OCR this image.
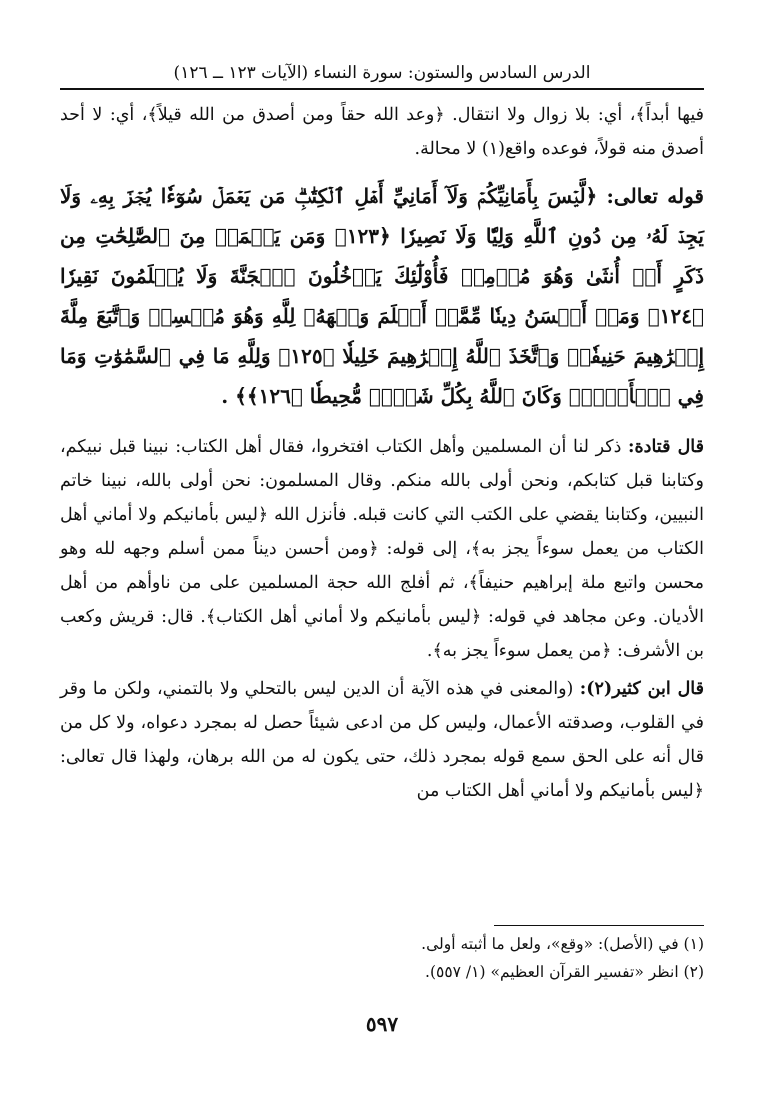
الدرس السادس والستون: سورة النساء (الآيات ١٢٣ ــ ١٢٦)

فيها أبداً﴾، أي: بلا زوال ولا انتقال. ﴿وعد الله حقاً ومن أصدق من الله قيلاً﴾، أي: لا أحد أصدق منه قولاً، فوعده واقع(١) لا محالة.

قوله تعالى: ﴿لَّيۡسَ بِأَمَانِيِّكُمۡ وَلَآ أَمَانِيِّ أَهۡلِ ٱلۡكِتَٰبِۗ مَن يَعۡمَلۡ سُوٓءٗا يُجۡزَ بِهِۦ وَلَا يَجِدۡ لَهُۥ مِن دُونِ ٱللَّهِ وَلِيّٗا وَلَا نَصِيرٗا ﴿١٢٣﴾ وَمَن يَعۡمَلۡ مِنَ ٱلصَّٰلِحَٰتِ مِن ذَكَرٍ أَوۡ أُنثَىٰ وَهُوَ مُؤۡمِنٞ فَأُوْلَٰٓئِكَ يَدۡخُلُونَ ٱلۡجَنَّةَ وَلَا يُظۡلَمُونَ نَقِيرٗا ﴿١٢٤﴾ وَمَنۡ أَحۡسَنُ دِينٗا مِّمَّنۡ أَسۡلَمَ وَجۡهَهُۥ لِلَّهِ وَهُوَ مُحۡسِنٞ وَٱتَّبَعَ مِلَّةَ إِبۡرَٰهِيمَ حَنِيفٗاۗ وَٱتَّخَذَ ٱللَّهُ إِبۡرَٰهِيمَ خَلِيلٗا ﴿١٢٥﴾ وَلِلَّهِ مَا فِي ٱلسَّمَٰوَٰتِ وَمَا فِي ٱلۡأَرۡضِۚ وَكَانَ ٱللَّهُ بِكُلِّ شَيۡءٖ مُّحِيطٗا ﴿١٢٦﴾﴾ .

قال قتادة: ذكر لنا أن المسلمين وأهل الكتاب افتخروا، فقال أهل الكتاب: نبينا قبل نبيكم، وكتابنا قبل كتابكم، ونحن أولى بالله منكم. وقال المسلمون: نحن أولى بالله، نبينا خاتم النبيين، وكتابنا يقضي على الكتب التي كانت قبله. فأنزل الله ﴿ليس بأمانيكم ولا أماني أهل الكتاب من يعمل سوءاً يجز به﴾، إلى قوله: ﴿ومن أحسن ديناً ممن أسلم وجهه لله وهو محسن واتبع ملة إبراهيم حنيفاً﴾، ثم أفلج الله حجة المسلمين على من ناوأهم من أهل الأديان. وعن مجاهد في قوله: ﴿ليس بأمانيكم ولا أماني أهل الكتاب﴾. قال: قريش وكعب بن الأشرف: ﴿من يعمل سوءاً يجز به﴾.

قال ابن كثير(٢): (والمعنى في هذه الآية أن الدين ليس بالتحلي ولا بالتمني، ولكن ما وقر في القلوب، وصدقته الأعمال، وليس كل من ادعى شيئاً حصل له بمجرد دعواه، ولا كل من قال أنه على الحق سمع قوله بمجرد ذلك، حتى يكون له من الله برهان، ولهذا قال تعالى: ﴿ليس بأمانيكم ولا أماني أهل الكتاب من

(١) في (الأصل): «وقع»، ولعل ما أثبته أولى.
(٢) انظر «تفسير القرآن العظيم» (١/ ٥٥٧).
٥٩٧
